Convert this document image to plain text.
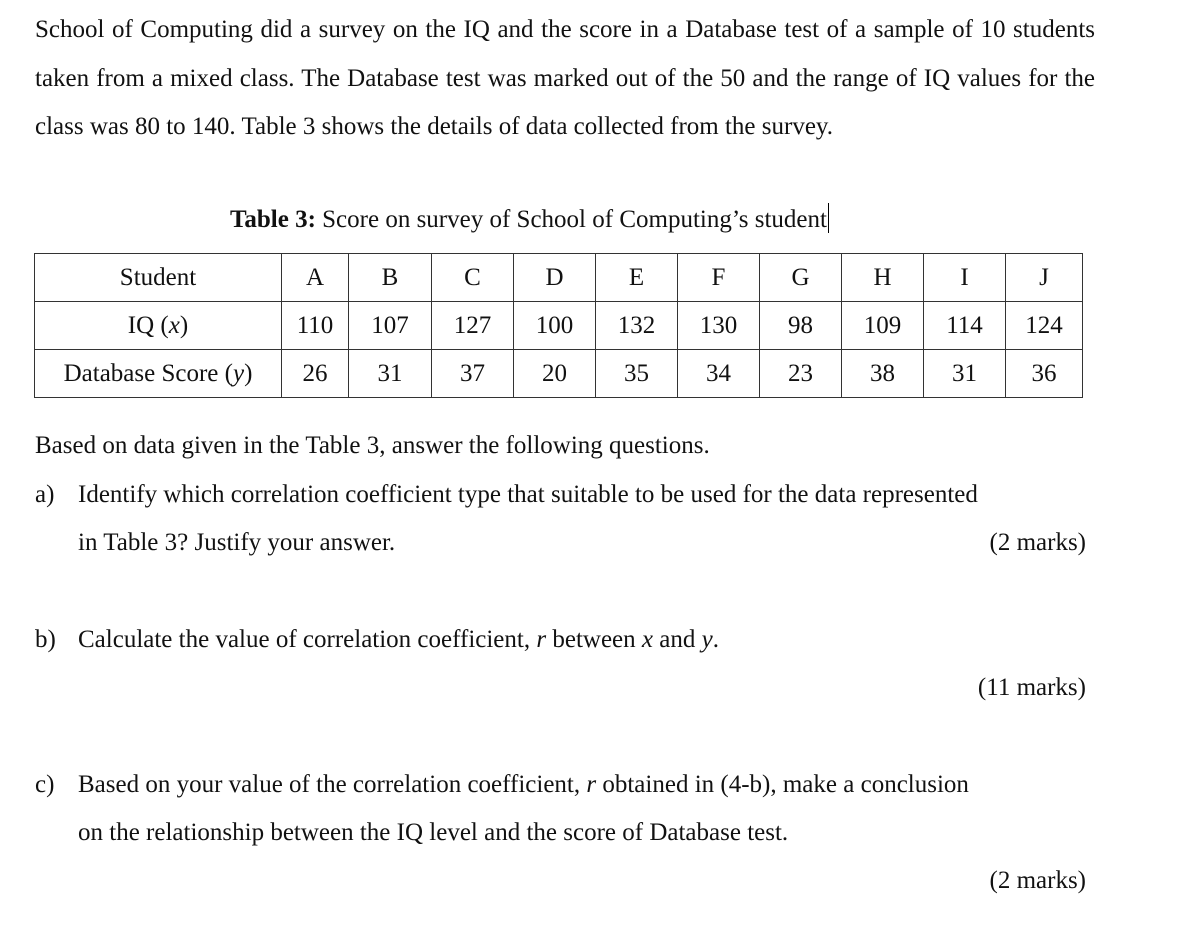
School of Computing did a survey on the IQ and the score in a Database test of a sample of 10 students taken from a mixed class. The Database test was marked out of the 50 and the range of IQ values for the class was 80 to 140. Table 3 shows the details of data collected from the survey.
Table 3: Score on survey of School of Computing’s student
Student	A	B	C	D	E	F	G	H	I	J
IQ (x)	110	107	127	100	132	130	98	109	114	124
Database Score (y)	26	31	37	20	35	34	23	38	31	36
Based on data given in the Table 3, answer the following questions.
a) Identify which correlation coefficient type that suitable to be used for the data represented
in Table 3? Justify your answer.	(2 marks)
b) Calculate the value of correlation coefficient, r between x and y.
(11 marks)
c) Based on your value of the correlation coefficient, r obtained in (4-b), make a conclusion
on the relationship between the IQ level and the score of Database test.
(2 marks)
